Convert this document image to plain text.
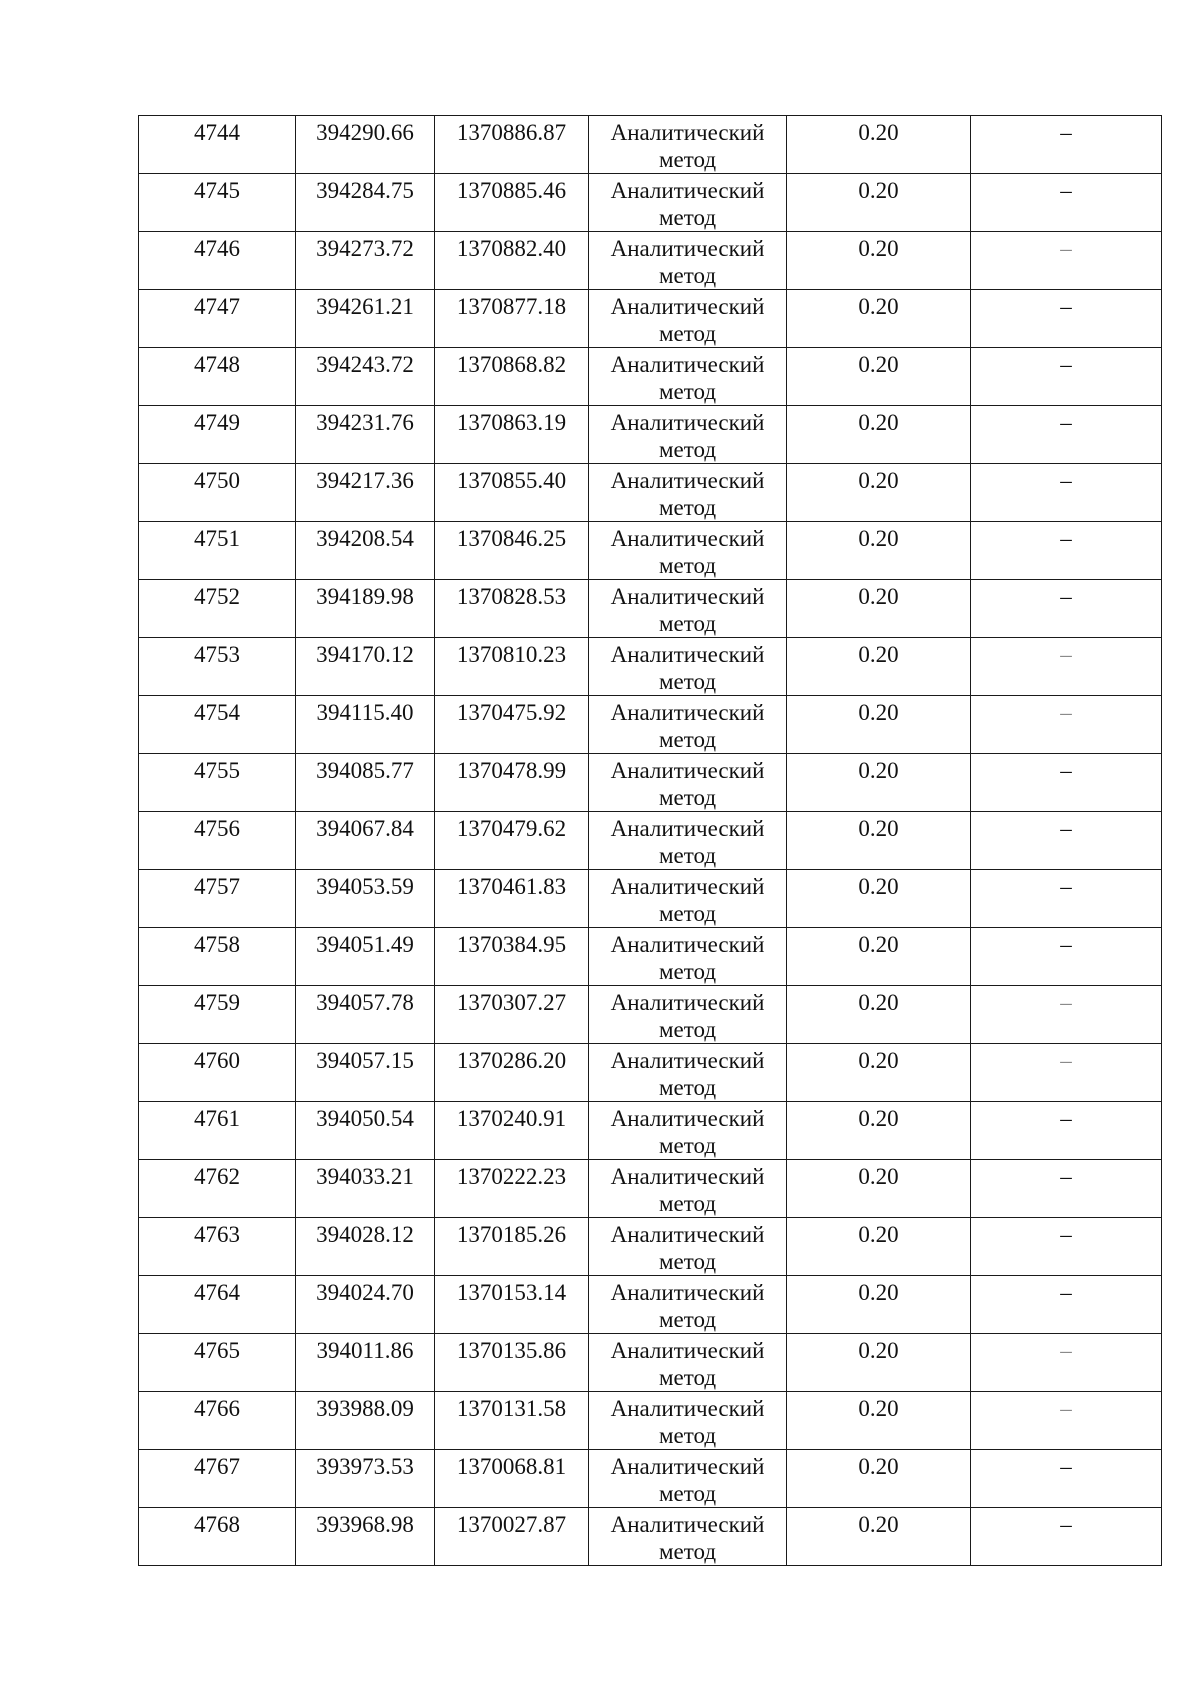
4744	394290.66	1370886.87	Аналитический метод	0.20	–
4745	394284.75	1370885.46	Аналитический метод	0.20	–
4746	394273.72	1370882.40	Аналитический метод	0.20	–
4747	394261.21	1370877.18	Аналитический метод	0.20	–
4748	394243.72	1370868.82	Аналитический метод	0.20	–
4749	394231.76	1370863.19	Аналитический метод	0.20	–
4750	394217.36	1370855.40	Аналитический метод	0.20	–
4751	394208.54	1370846.25	Аналитический метод	0.20	–
4752	394189.98	1370828.53	Аналитический метод	0.20	–
4753	394170.12	1370810.23	Аналитический метод	0.20	–
4754	394115.40	1370475.92	Аналитический метод	0.20	–
4755	394085.77	1370478.99	Аналитический метод	0.20	–
4756	394067.84	1370479.62	Аналитический метод	0.20	–
4757	394053.59	1370461.83	Аналитический метод	0.20	–
4758	394051.49	1370384.95	Аналитический метод	0.20	–
4759	394057.78	1370307.27	Аналитический метод	0.20	–
4760	394057.15	1370286.20	Аналитический метод	0.20	–
4761	394050.54	1370240.91	Аналитический метод	0.20	–
4762	394033.21	1370222.23	Аналитический метод	0.20	–
4763	394028.12	1370185.26	Аналитический метод	0.20	–
4764	394024.70	1370153.14	Аналитический метод	0.20	–
4765	394011.86	1370135.86	Аналитический метод	0.20	–
4766	393988.09	1370131.58	Аналитический метод	0.20	–
4767	393973.53	1370068.81	Аналитический метод	0.20	–
4768	393968.98	1370027.87	Аналитический метод	0.20	–
